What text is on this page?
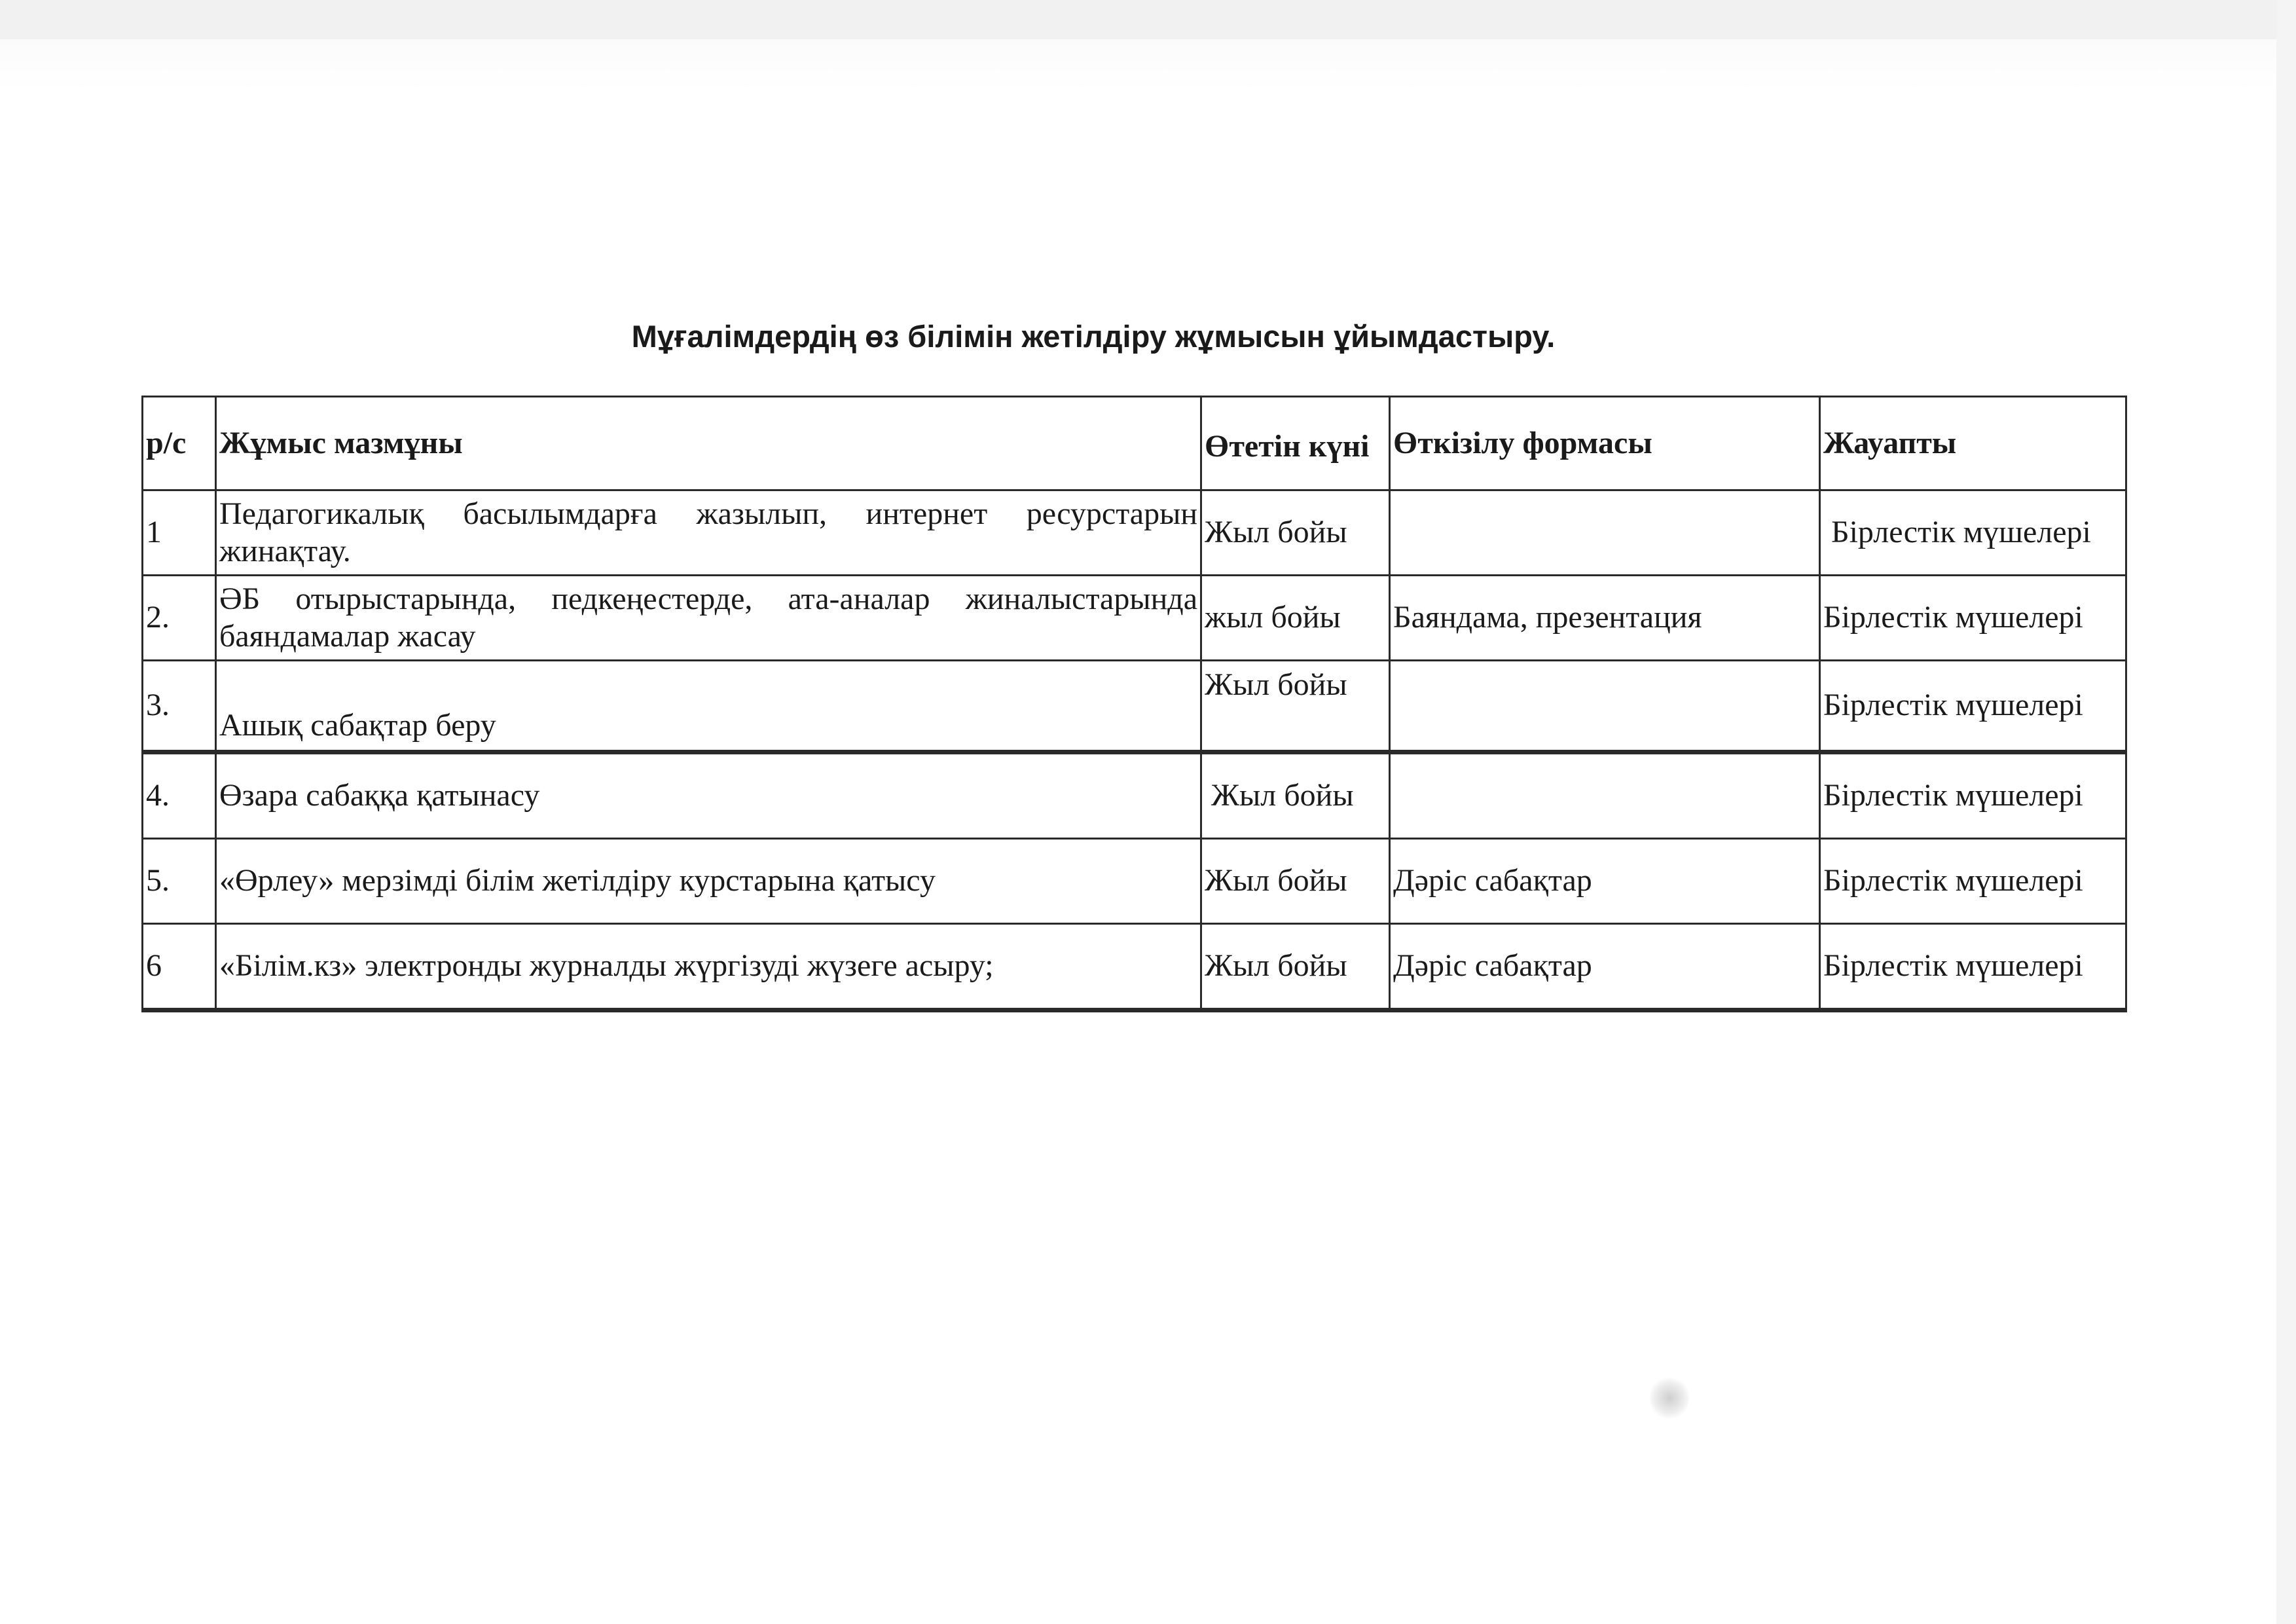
Мұғалімдердің өз білімін жетілдіру жұмысын ұйымдастыру.
р/с	Жұмыс мазмұны	Өтетін күні	Өткізілу формасы	Жауапты
1	Педагогикалық басылымдарға жазылып, интернет ресурстарын жинақтау.	Жыл бойы		Бірлестік мүшелері
2.	ӘБ отырыстарында, педкеңестерде, ата-аналар жиналыстарында баяндамалар жасау	жыл бойы	Баяндама, презентация	Бірлестік мүшелері
3.	Ашық сабақтар беру	Жыл бойы		Бірлестік мүшелері
4.	Өзара сабаққа қатынасу	Жыл бойы		Бірлестік мүшелері
5.	«Өрлеу» мерзімді білім жетілдіру курстарына қатысу	Жыл бойы	Дәріс сабақтар	Бірлестік мүшелері
6	«Білім.кз» электронды журналды жүргізуді жүзеге асыру;	Жыл бойы	Дәріс сабақтар	Бірлестік мүшелері
